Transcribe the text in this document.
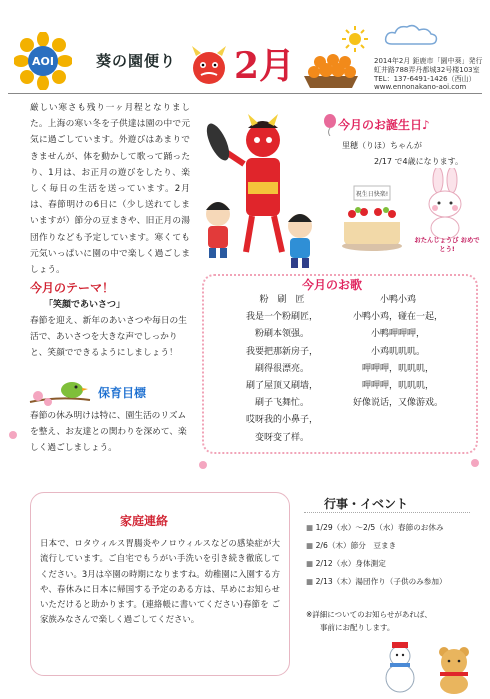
AOI	葵の園便り 2月	2014年2月 鉅鹿市「園中葵」発行
虹井路788弄丹都城32号楼103室
TEL：137-6491-1426（西山）
www.ennonakano-aoi.com
厳しい寒さも残り一ヶ月程となりました。上海の寒い冬を子供達は園の中で元気に過ごしています。外遊びはあまりできませんが、体を動かして歌って踊ったり、1月は、お正月の遊びをしたり、楽しく毎日の生活を送っています。2月は、春節明けの6日に（少し送れてしまいますが）節分の豆まきや、旧正月の湯団作りなども予定しています。寒くても元気いっぱいに園の中で楽しく過ごしましょう。
今月のお誕生日♪
里穂（りほ）ちゃんが
2/17 で4歳になります。
祝生日快楽!
おたんじょうび おめでとう!
今月のテーマ！
「笑顔であいさつ」
春節を迎え、新年のあいさつや毎日の生活で、あいさつを大きな声でしっかりと、笑顔でできるようにしましょう！
保育目標
春節の休み明けは特に、園生活のリズムを整え、お友達との関わりを深めて、楽しく過ごしましょう。
今月のお歌
粉　刷　匠
我是一个粉刷匠，
粉刷本领强。
我要把那新房子，
刷得很漂亮。
刷了屋顶又刷墙，
刷子飞舞忙。
哎呀我的小鼻子，
变呀变了样。
小鸭小鸡
小鸭小鸡，碰在一起，
小鸭呷呷呷，
小鸡叽叽叽。
呷呷呷，叽叽叽，
呷呷呷，叽叽叽，
好像说话，又像游戏。
家庭連絡
日本で、ロタウィルス胃腸炎やノロウィルスなどの感染症が大流行しています。ご自宅でもうがい手洗いを引き続き徹底してください。3月は卒園の時期になりますね。幼稚園に入園する方や、春休みに日本に帰国する予定のある方は、早めにお知らせいただけると助かります。(連絡帳に書いてください)春節を ご家族みなさんで楽しく過ごしてください。
行事・イベント
■ 1/29（水）～2/5（水）春節のお休み
■ 2/6（木）節分　豆まき
■ 2/12（水）身体測定
■ 2/13（木）湯団作り（子供のみ参加）
※詳細についてのお知らせがあれば、
事前にお配りします。
